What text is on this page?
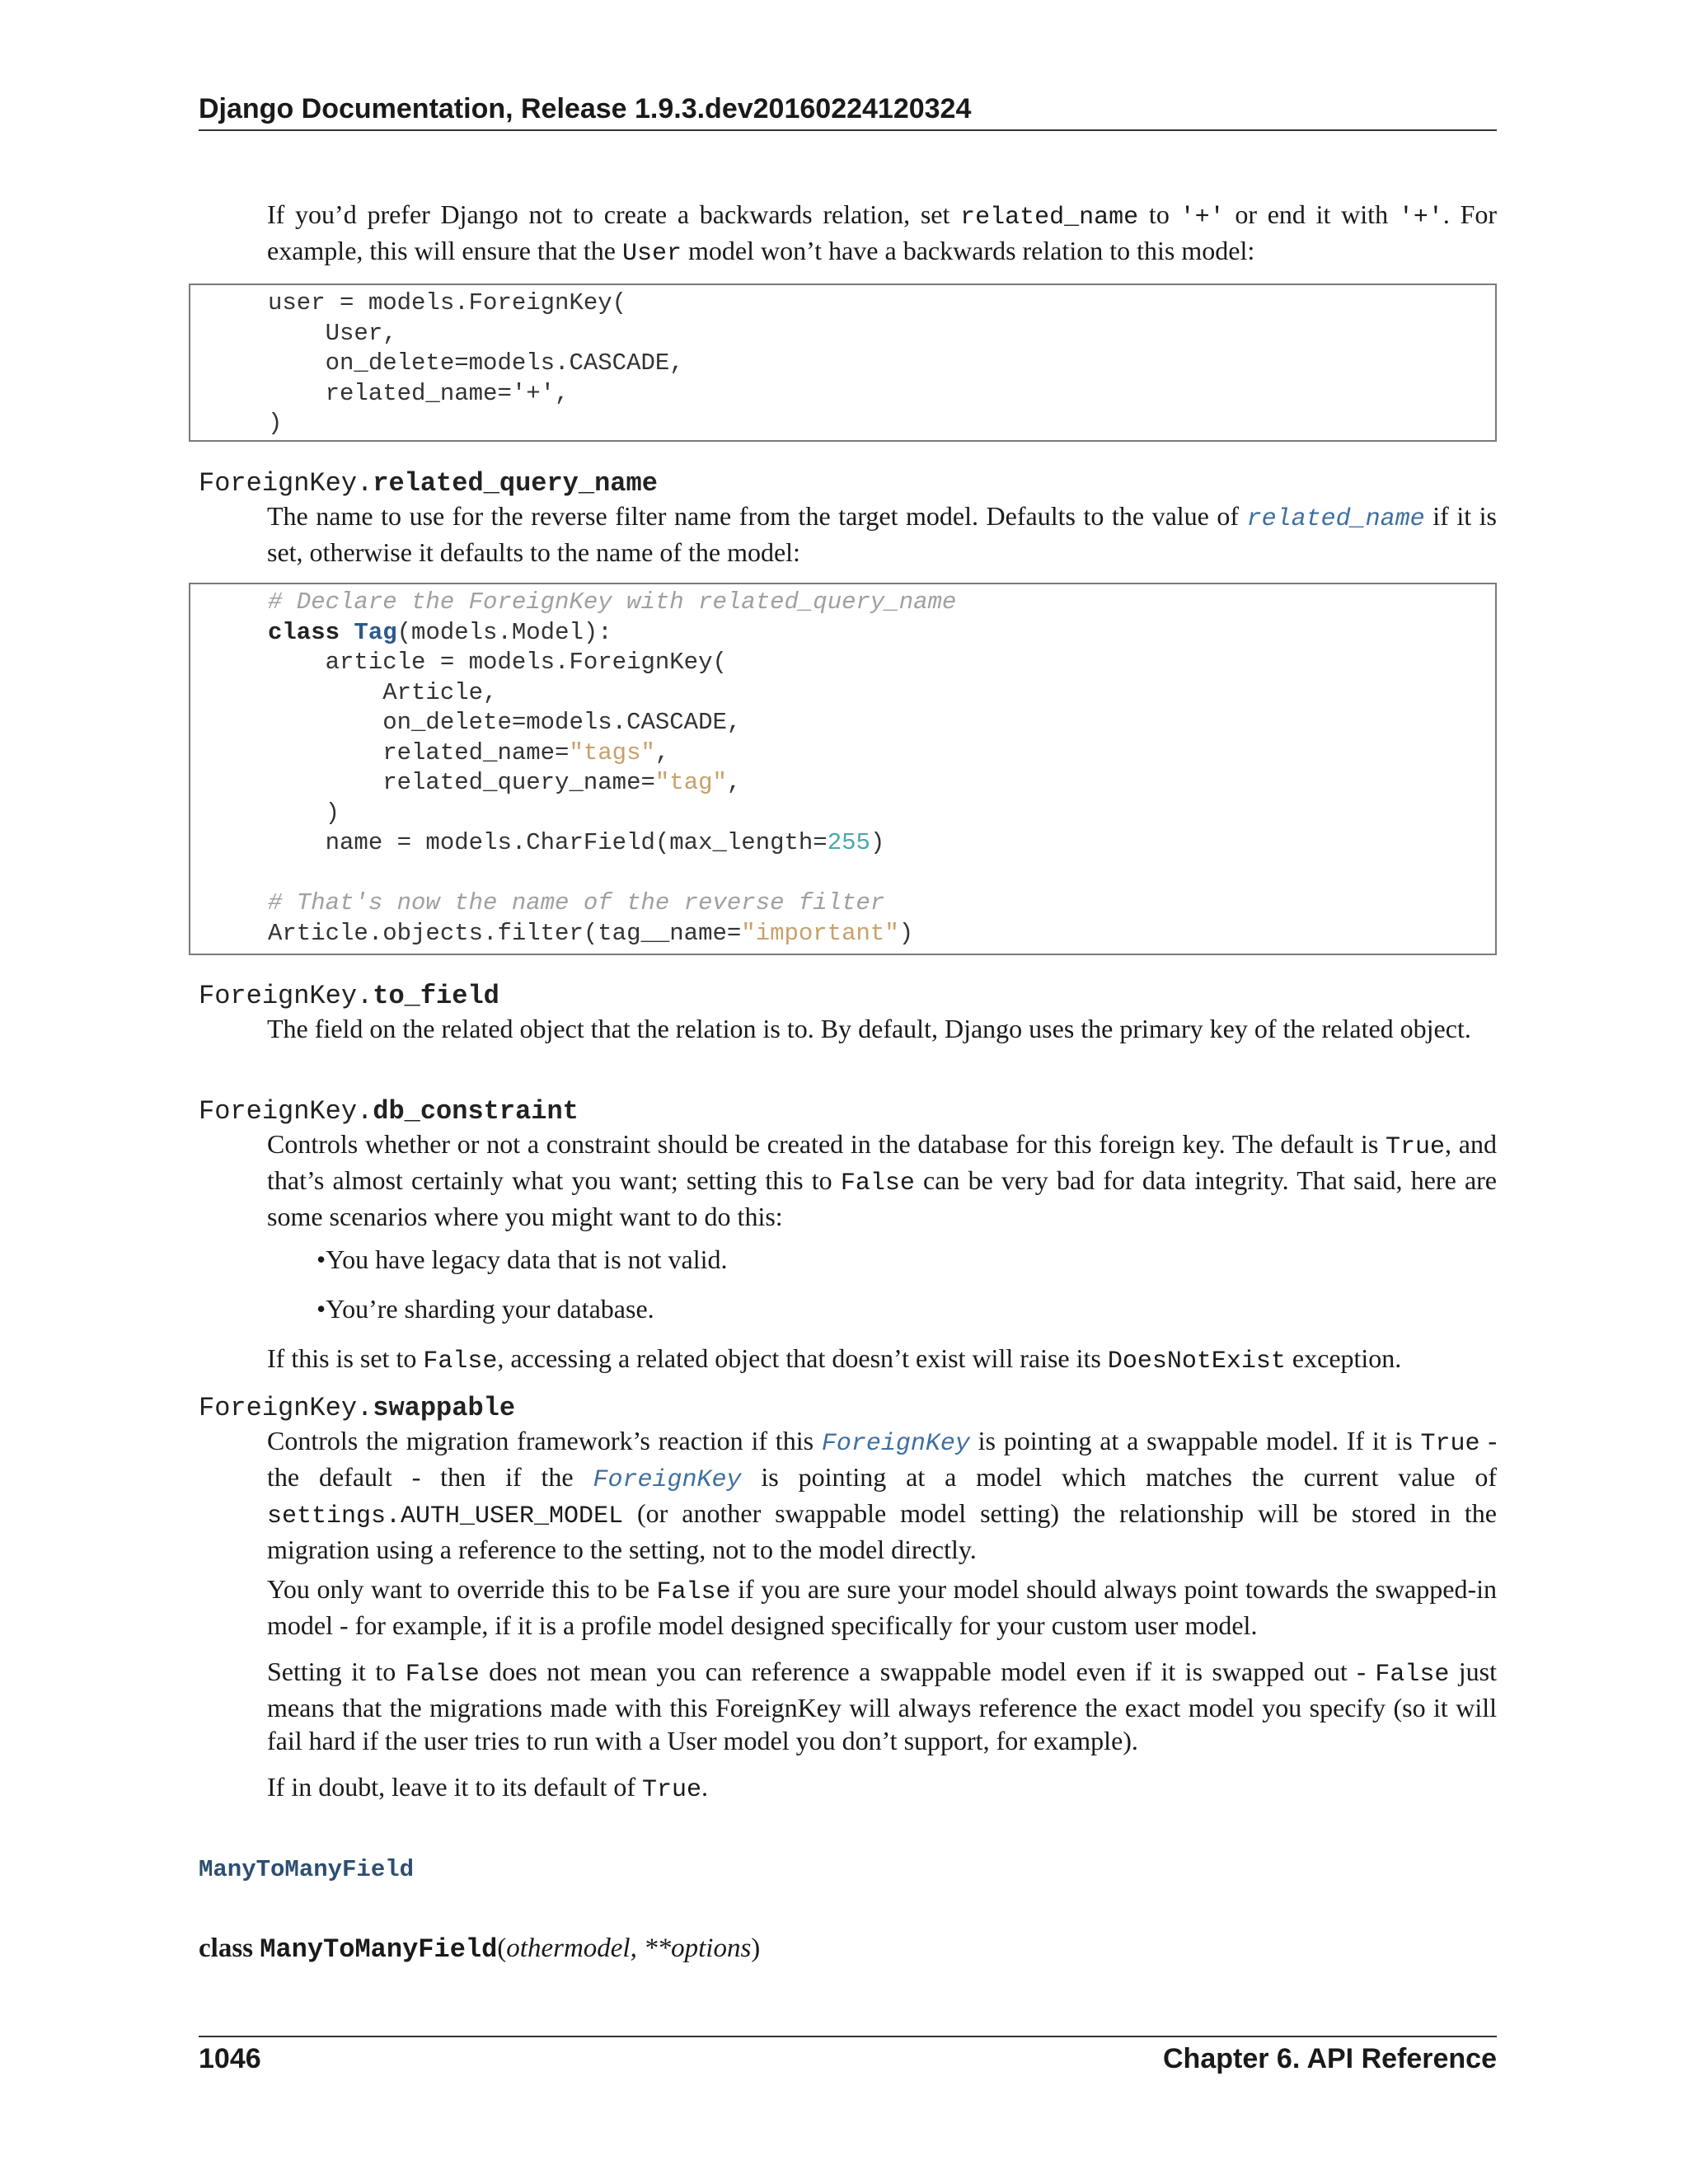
Django Documentation, Release 1.9.3.dev20160224120324
If you’d prefer Django not to create a backwards relation, set related_name to '+' or end it with '+'. For example, this will ensure that the User model won’t have a backwards relation to this model:
user = models.ForeignKey(
User,
on_delete=models.CASCADE,
related_name='+',
)
ForeignKey.related_query_name
The name to use for the reverse filter name from the target model. Defaults to the value of related_name if it is set, otherwise it defaults to the name of the model:
# Declare the ForeignKey with related_query_name
class Tag(models.Model):
article = models.ForeignKey(
Article,
on_delete=models.CASCADE,
related_name="tags",
related_query_name="tag",
)
name = models.CharField(max_length=255)

# That's now the name of the reverse filter
Article.objects.filter(tag__name="important")
ForeignKey.to_field
The field on the related object that the relation is to. By default, Django uses the primary key of the related object.
ForeignKey.db_constraint
Controls whether or not a constraint should be created in the database for this foreign key. The default is True, and that’s almost certainly what you want; setting this to False can be very bad for data integrity. That said, here are some scenarios where you might want to do this:
•You have legacy data that is not valid.
•You’re sharding your database.
If this is set to False, accessing a related object that doesn’t exist will raise its DoesNotExist exception.
ForeignKey.swappable
Controls the migration framework’s reaction if this ForeignKey is pointing at a swappable model. If it is True - the default - then if the ForeignKey is pointing at a model which matches the current value of settings.AUTH_USER_MODEL (or another swappable model setting) the relationship will be stored in the migration using a reference to the setting, not to the model directly.
You only want to override this to be False if you are sure your model should always point towards the swapped-in model - for example, if it is a profile model designed specifically for your custom user model.
Setting it to False does not mean you can reference a swappable model even if it is swapped out - False just means that the migrations made with this ForeignKey will always reference the exact model you specify (so it will fail hard if the user tries to run with a User model you don’t support, for example).
If in doubt, leave it to its default of True.
ManyToManyField
class ManyToManyField(othermodel, **options)
1046	Chapter 6. API Reference
